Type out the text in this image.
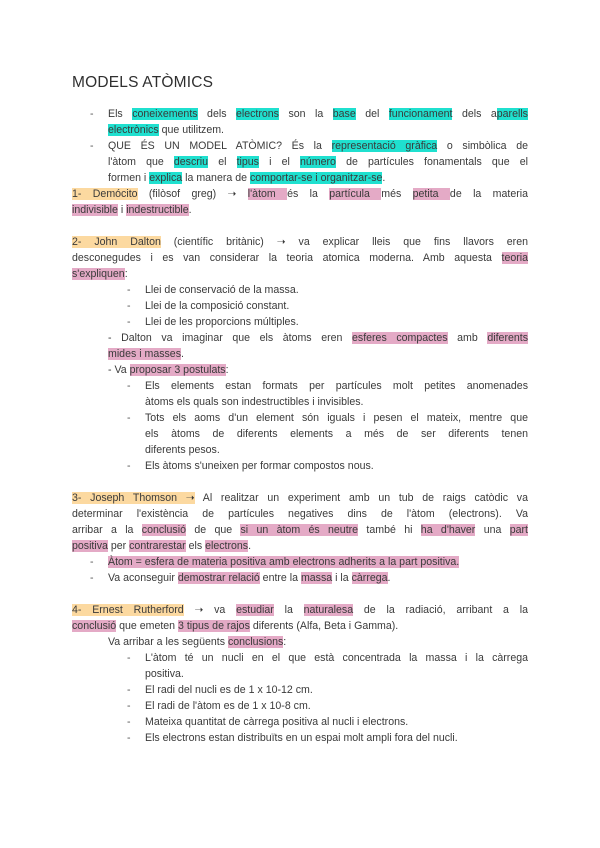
MODELS ATÒMICS
- Els coneixements dels electrons son la base del funcionament dels aparells
electrònics que utilitzem.
- QUE ÉS UN MODEL ATÒMIC? És la representació gràfica o simbòlica de
l'àtom que descriu el tipus i el número de partícules fonamentals que el
formen i explica la manera de comportar-se i organitzar-se.
1- Demócito (filòsof greg) ➝ l'àtom és la partícula més petita de la materia
indivisible i indestructible.
2- John Dalton (científic britànic) ➝ va explicar lleis que fins llavors eren
desconegudes i es van considerar la teoria atomica moderna. Amb aquesta teoria
s'expliquen:
- Llei de conservació de la massa.
- Llei de la composició constant.
- Llei de les proporcions múltiples.
- Dalton va imaginar que els àtoms eren esferes compactes amb diferents
mides i masses.
- Va proposar 3 postulats:
- Els elements estan formats per partícules molt petites anomenades
àtoms els quals son indestructibles i invisibles.
- Tots els aoms d'un element són iguals i pesen el mateix, mentre que
els àtoms de diferents elements a més de ser diferents tenen
diferents pesos.
- Els àtoms s'uneixen per formar compostos nous.
3- Joseph Thomson ➝ Al realitzar un experiment amb un tub de raigs catòdic va
determinar l'existència de partícules negatives dins de l'àtom (electrons). Va
arribar a la conclusió de que si un àtom és neutre també hi ha d'haver una part
positiva per contrarestar els electrons.
- Àtom = esfera de materia positiva amb electrons adherits a la part positiva.
- Va aconseguir demostrar relació entre la massa i la càrrega.
4- Ernest Rutherford ➝ va estudiar la naturalesa de la radiació, arribant a la
conclusió que emeten 3 tipus de rajos diferents (Alfa, Beta i Gamma).
Va arribar a les següents conclusions:
- L'àtom té un nucli en el que està concentrada la massa i la càrrega
positiva.
- El radi del nucli es de 1 x 10-12 cm.
- El radi de l'àtom es de 1 x 10-8 cm.
- Mateixa quantitat de càrrega positiva al nucli i electrons.
- Els electrons estan distribuïts en un espai molt ampli fora del nucli.
